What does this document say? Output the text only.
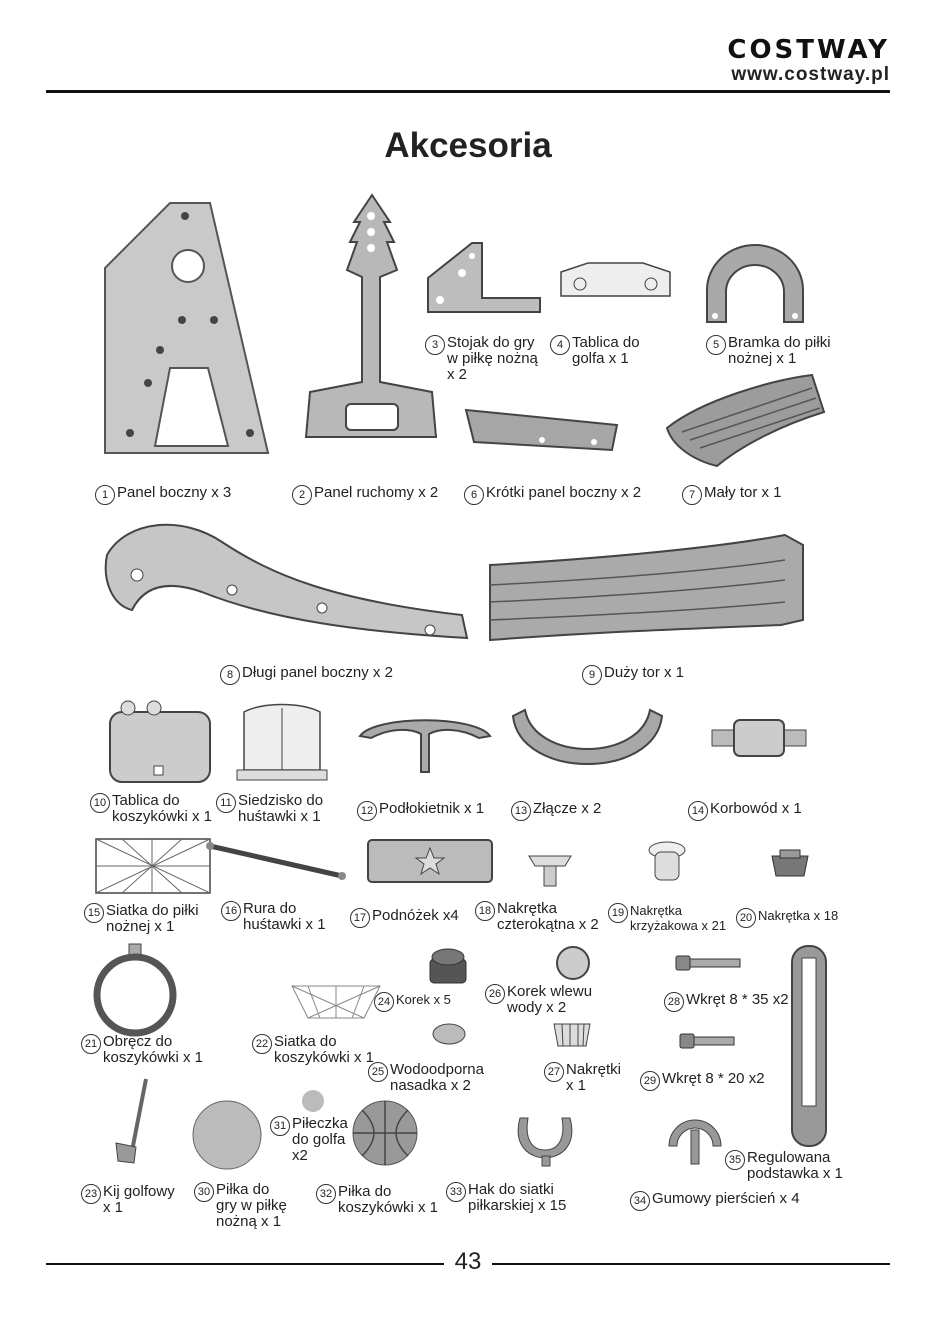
COSTWAY
www.costway.pl
Akcesoria
1 Panel boczny x 3	2 Panel ruchomy x 2
3 Stojak do gry
w piłkę nożną
x 2
4 Tablica do
golfa x 1
5 Bramka do piłki
nożnej x 1
6 Krótki panel boczny x 2	7 Mały tor x 1
8 Długi panel boczny x 2	9 Duży tor x 1
10 Tablica do
koszykówki x 1
11 Siedzisko do
huśtawki x 1	12 Podłokietnik x 1	13 Złącze x 2	14 Korbowód x 1
15 Siatka do piłki
nożnej x 1
16 Rura do
huśtawki x 1	17 Podnóżek x4	18 Nakrętka
czterokątna x 2
19 Nakrętka
krzyżakowa x 21	20 Nakrętka x 18
21 Obręcz do
koszykówki x 1
22 Siatka do
koszykówki x 1
24 Korek x 5
25 Wodoodporna
nasadka x 2
26 Korek wlewu
wody x 2
27 Nakrętki
x 1
28 Wkręt 8 * 35 x2
29 Wkręt 8 * 20 x2
23 Kij golfowy
x 1
30 Piłka do
gry w piłkę
nożną x 1
31 Piłeczka
do golfa
x2
32 Piłka do
koszykówki x 1
33 Hak do siatki
piłkarskiej x 15	34 Gumowy pierścień x 4
35 Regulowana
podstawka x 1
43
